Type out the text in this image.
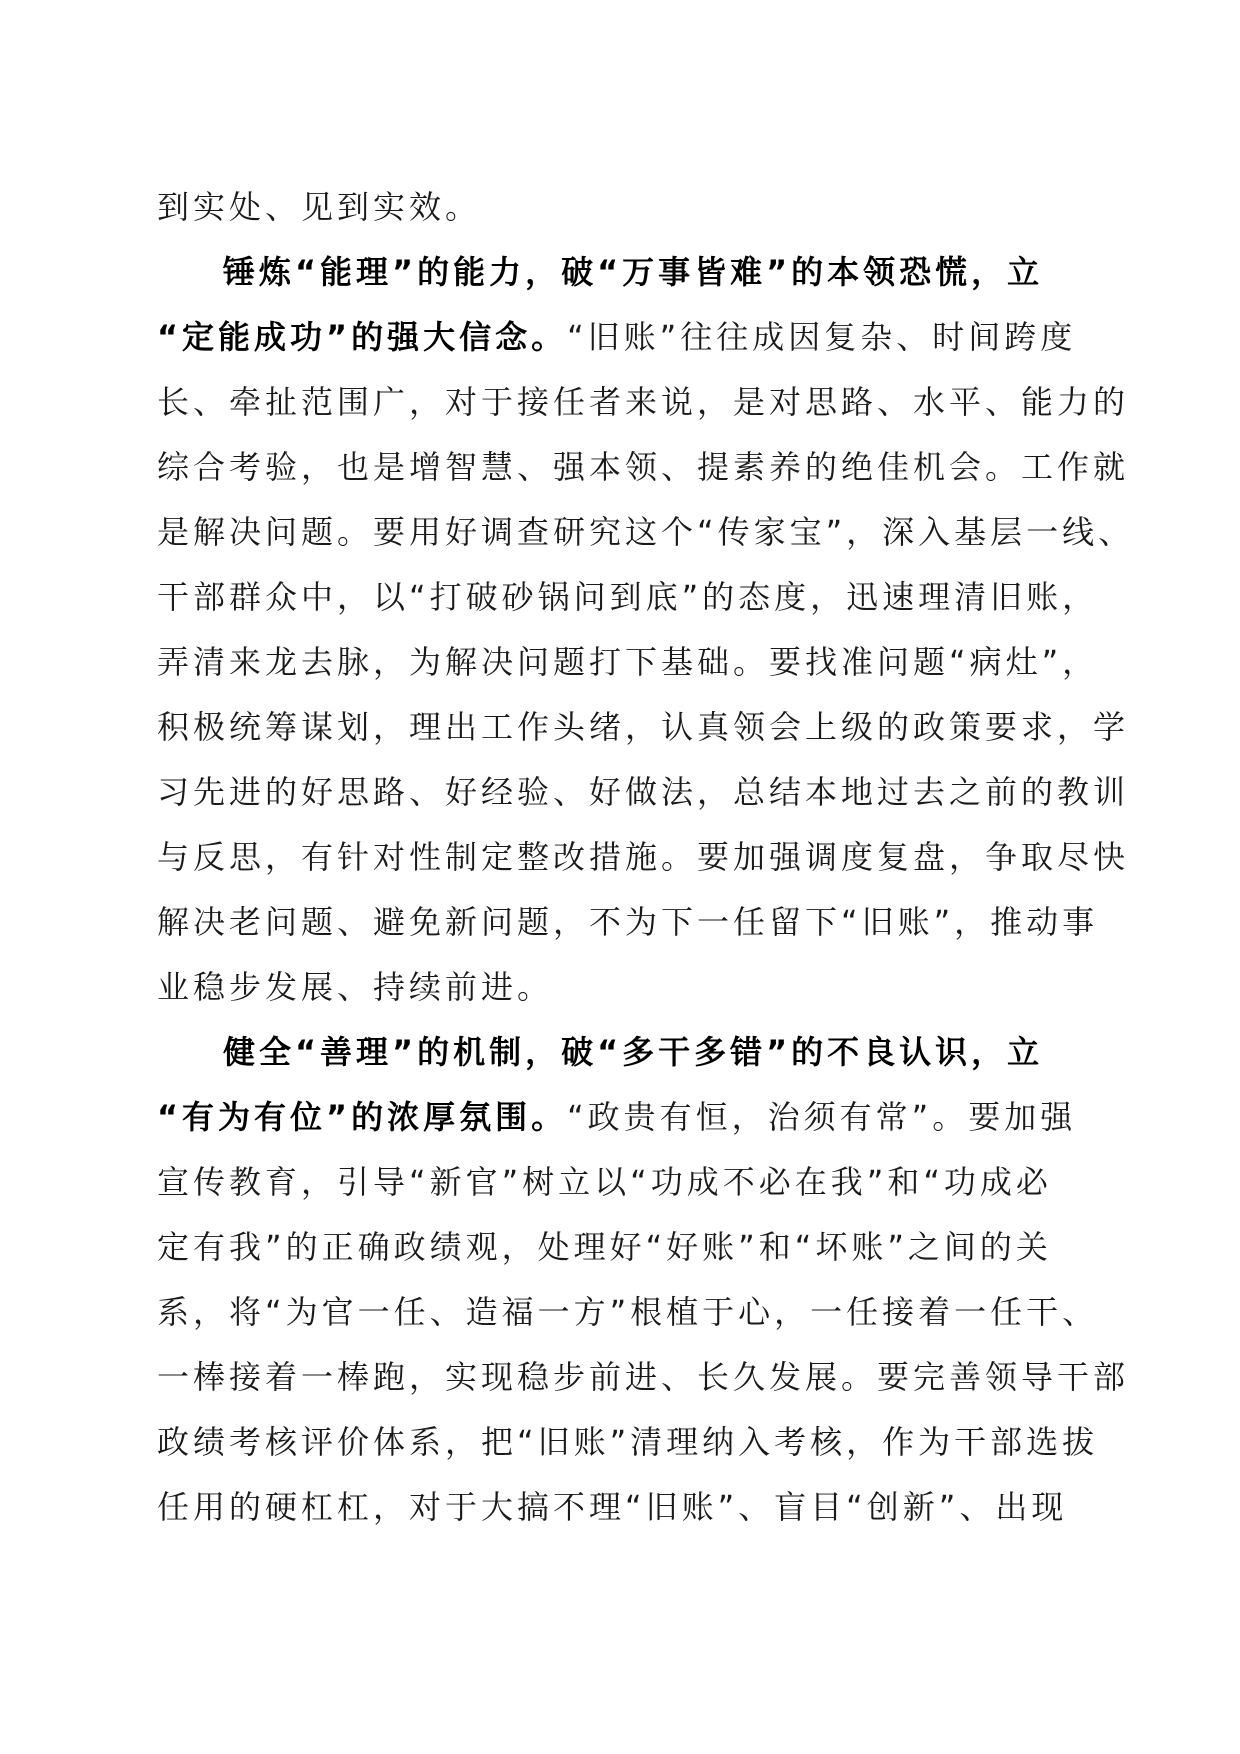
到实处、见到实效。
锤炼“能理”的能力，破“万事皆难”的本领恐慌，立
“定能成功”的强大信念。“旧账”往往成因复杂、时间跨度
长、牵扯范围广，对于接任者来说，是对思路、水平、能力的
综合考验，也是增智慧、强本领、提素养的绝佳机会。工作就
是解决问题。要用好调查研究这个“传家宝”，深入基层一线、
干部群众中，以“打破砂锅问到底”的态度，迅速理清旧账，
弄清来龙去脉，为解决问题打下基础。要找准问题“病灶”，
积极统筹谋划，理出工作头绪，认真领会上级的政策要求，学
习先进的好思路、好经验、好做法，总结本地过去之前的教训
与反思，有针对性制定整改措施。要加强调度复盘，争取尽快
解决老问题、避免新问题，不为下一任留下“旧账”，推动事
业稳步发展、持续前进。
健全“善理”的机制，破“多干多错”的不良认识，立
“有为有位”的浓厚氛围。“政贵有恒，治须有常”。要加强
宣传教育，引导“新官”树立以“功成不必在我”和“功成必
定有我”的正确政绩观，处理好“好账”和“坏账”之间的关
系，将“为官一任、造福一方”根植于心，一任接着一任干、
一棒接着一棒跑，实现稳步前进、长久发展。要完善领导干部
政绩考核评价体系，把“旧账”清理纳入考核，作为干部选拔
任用的硬杠杠，对于大搞不理“旧账”、盲目“创新”、出现
